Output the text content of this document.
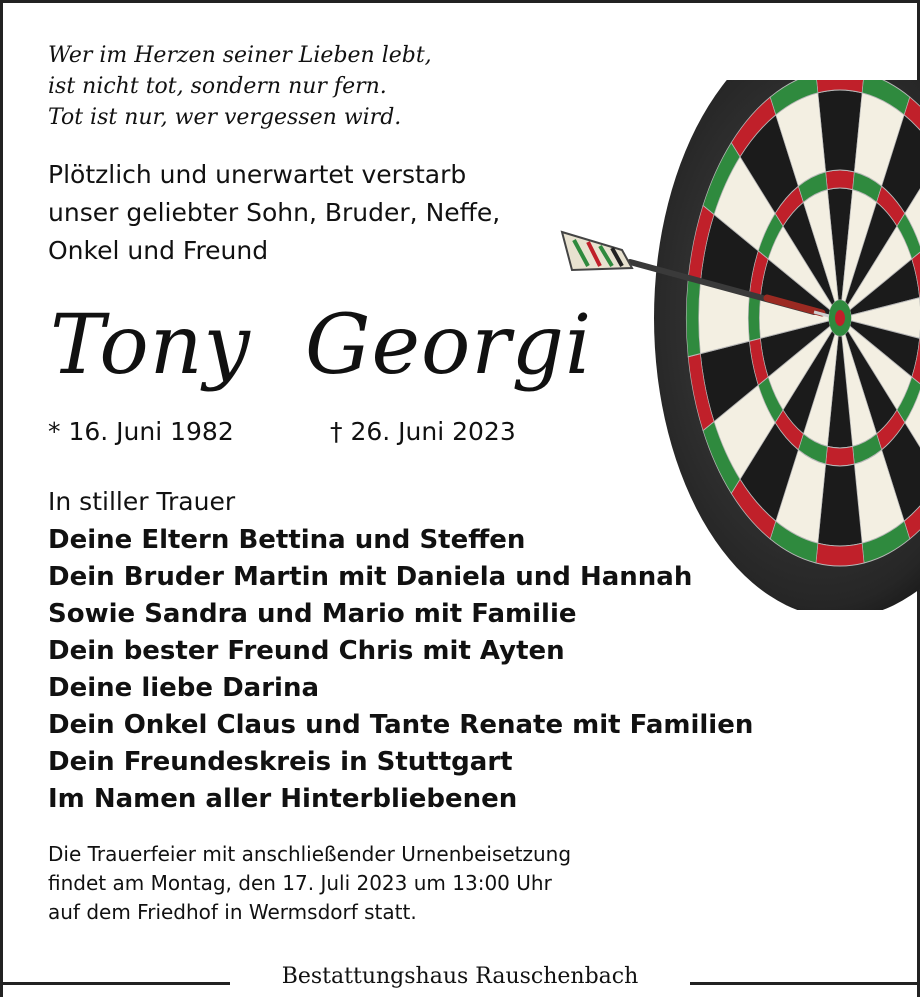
Wer im Herzen seiner Lieben lebt,
ist nicht tot, sondern nur fern.
Tot ist nur, wer vergessen wird.
Plötzlich und unerwartet verstarb
unser geliebter Sohn, Bruder, Neffe,
Onkel und Freund
Tony  Georgi
* 16. Juni 1982	† 26. Juni 2023
In stiller Trauer
Deine Eltern Bettina und Steffen
Dein Bruder Martin mit Daniela und Hannah
Sowie Sandra und Mario mit Familie
Dein bester Freund Chris mit Ayten
Deine liebe Darina
Dein Onkel Claus und Tante Renate mit Familien
Dein Freundeskreis in Stuttgart
Im Namen aller Hinterbliebenen
Die Trauerfeier mit anschließender Urnenbeisetzung
findet am Montag, den 17. Juli 2023 um 13:00 Uhr
auf dem Friedhof in Wermsdorf statt.
Bestattungshaus Rauschenbach
